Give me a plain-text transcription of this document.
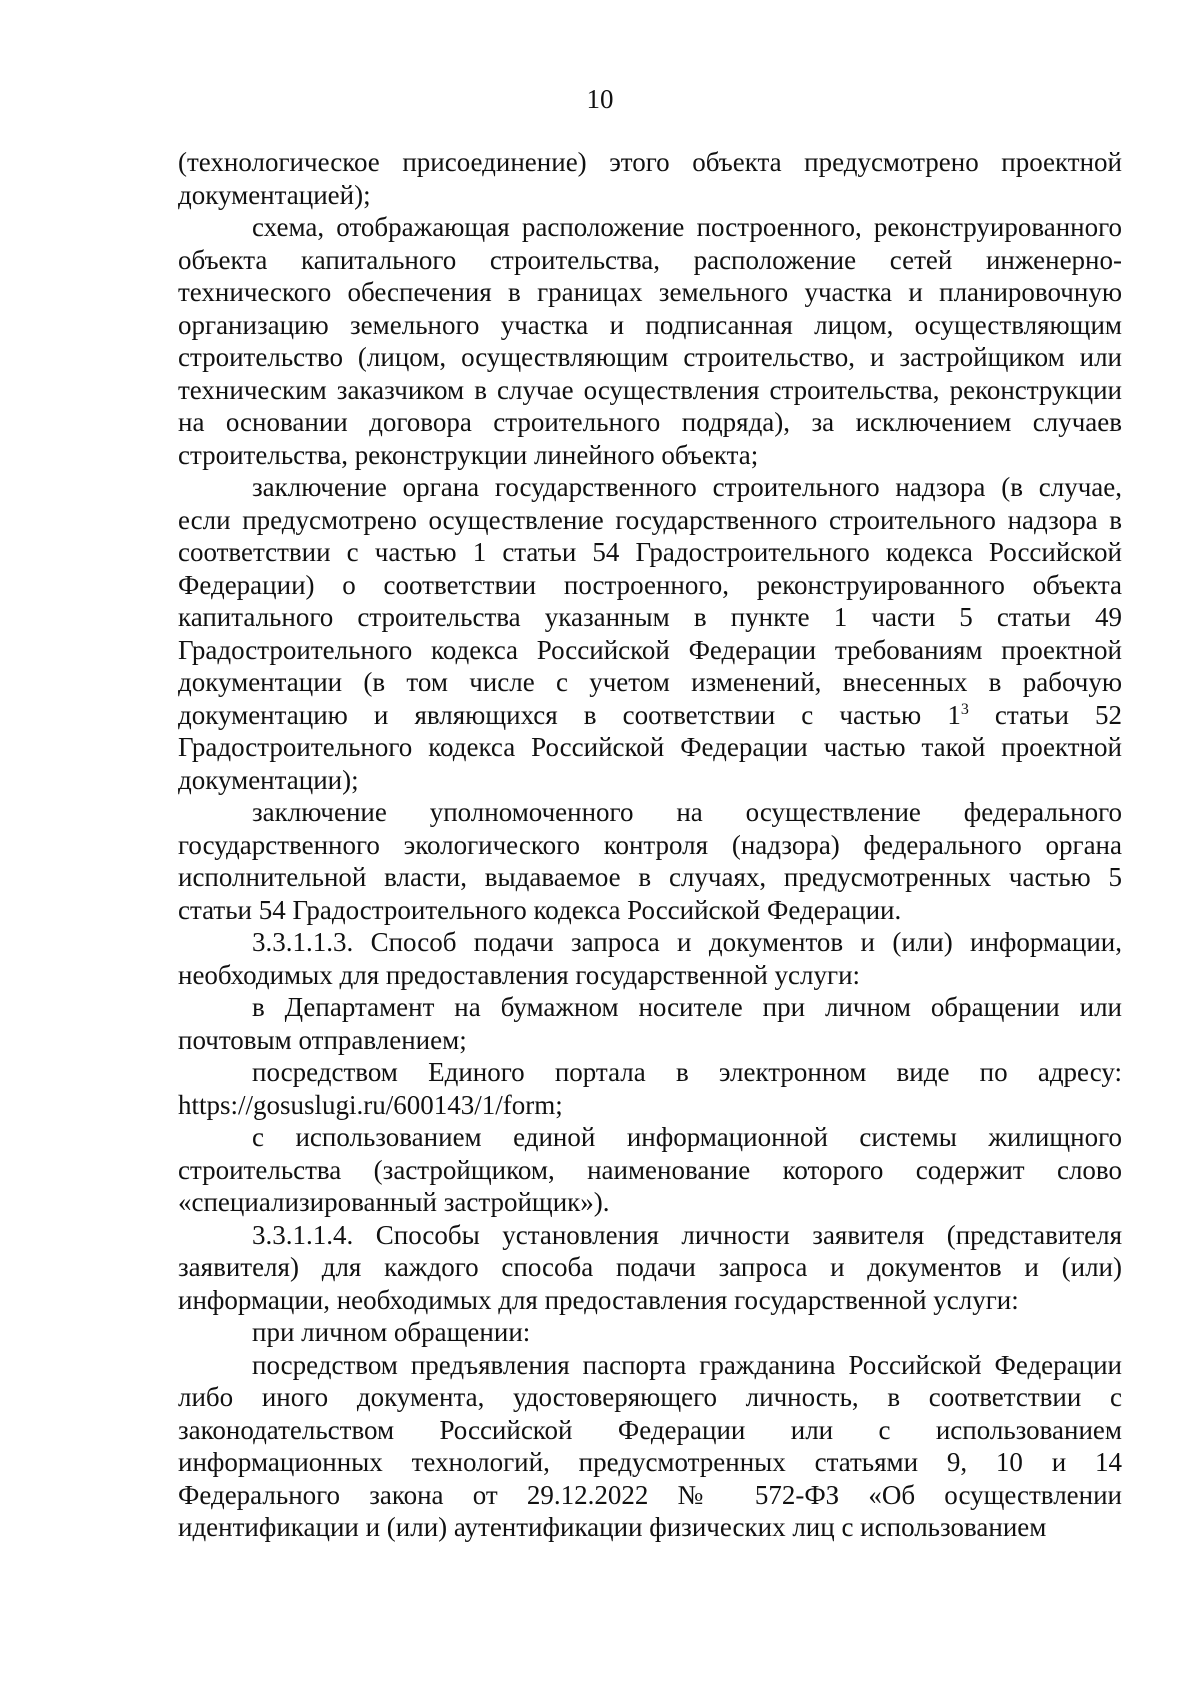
10

(технологическое присоединение) этого объекта предусмотрено проектной документацией);

схема, отображающая расположение построенного, реконструированного объекта капитального строительства, расположение сетей инженерно-технического обеспечения в границах земельного участка и планировочную организацию земельного участка и подписанная лицом, осуществляющим строительство (лицом, осуществляющим строительство, и застройщиком или техническим заказчиком в случае осуществления строительства, реконструкции на основании договора строительного подряда), за исключением случаев строительства, реконструкции линейного объекта;

заключение органа государственного строительного надзора (в случае, если предусмотрено осуществление государственного строительного надзора в соответствии с частью 1 статьи 54 Градостроительного кодекса Российской Федерации) о соответствии построенного, реконструированного объекта капитального строительства указанным в пункте 1 части 5 статьи 49 Градостроительного кодекса Российской Федерации требованиям проектной документации (в том числе с учетом изменений, внесенных в рабочую документацию и являющихся в соответствии с частью $1^3$ статьи 52 Градостроительного кодекса Российской Федерации частью такой проектной документации);

заключение уполномоченного на осуществление федерального государственного экологического контроля (надзора) федерального органа исполнительной власти, выдаваемое в случаях, предусмотренных частью 5 статьи 54 Градостроительного кодекса Российской Федерации.

3.3.1.1.3. Способ подачи запроса и документов и (или) информации, необходимых для предоставления государственной услуги:

в Департамент на бумажном носителе при личном обращении или почтовым отправлением;

посредством Единого портала в электронном виде по адресу: https://gosuslugi.ru/600143/1/form;

с использованием единой информационной системы жилищного строительства (застройщиком, наименование которого содержит слово «специализированный застройщик»).

3.3.1.1.4. Способы установления личности заявителя (представителя заявителя) для каждого способа подачи запроса и документов и (или) информации, необходимых для предоставления государственной услуги:

при личном обращении:

посредством предъявления паспорта гражданина Российской Федерации либо иного документа, удостоверяющего личность, в соответствии с законодательством Российской Федерации или с использованием информационных технологий, предусмотренных статьями 9, 10 и 14 Федерального закона от 29.12.2022 № 572-ФЗ «Об осуществлении идентификации и (или) аутентификации физических лиц с использованием
